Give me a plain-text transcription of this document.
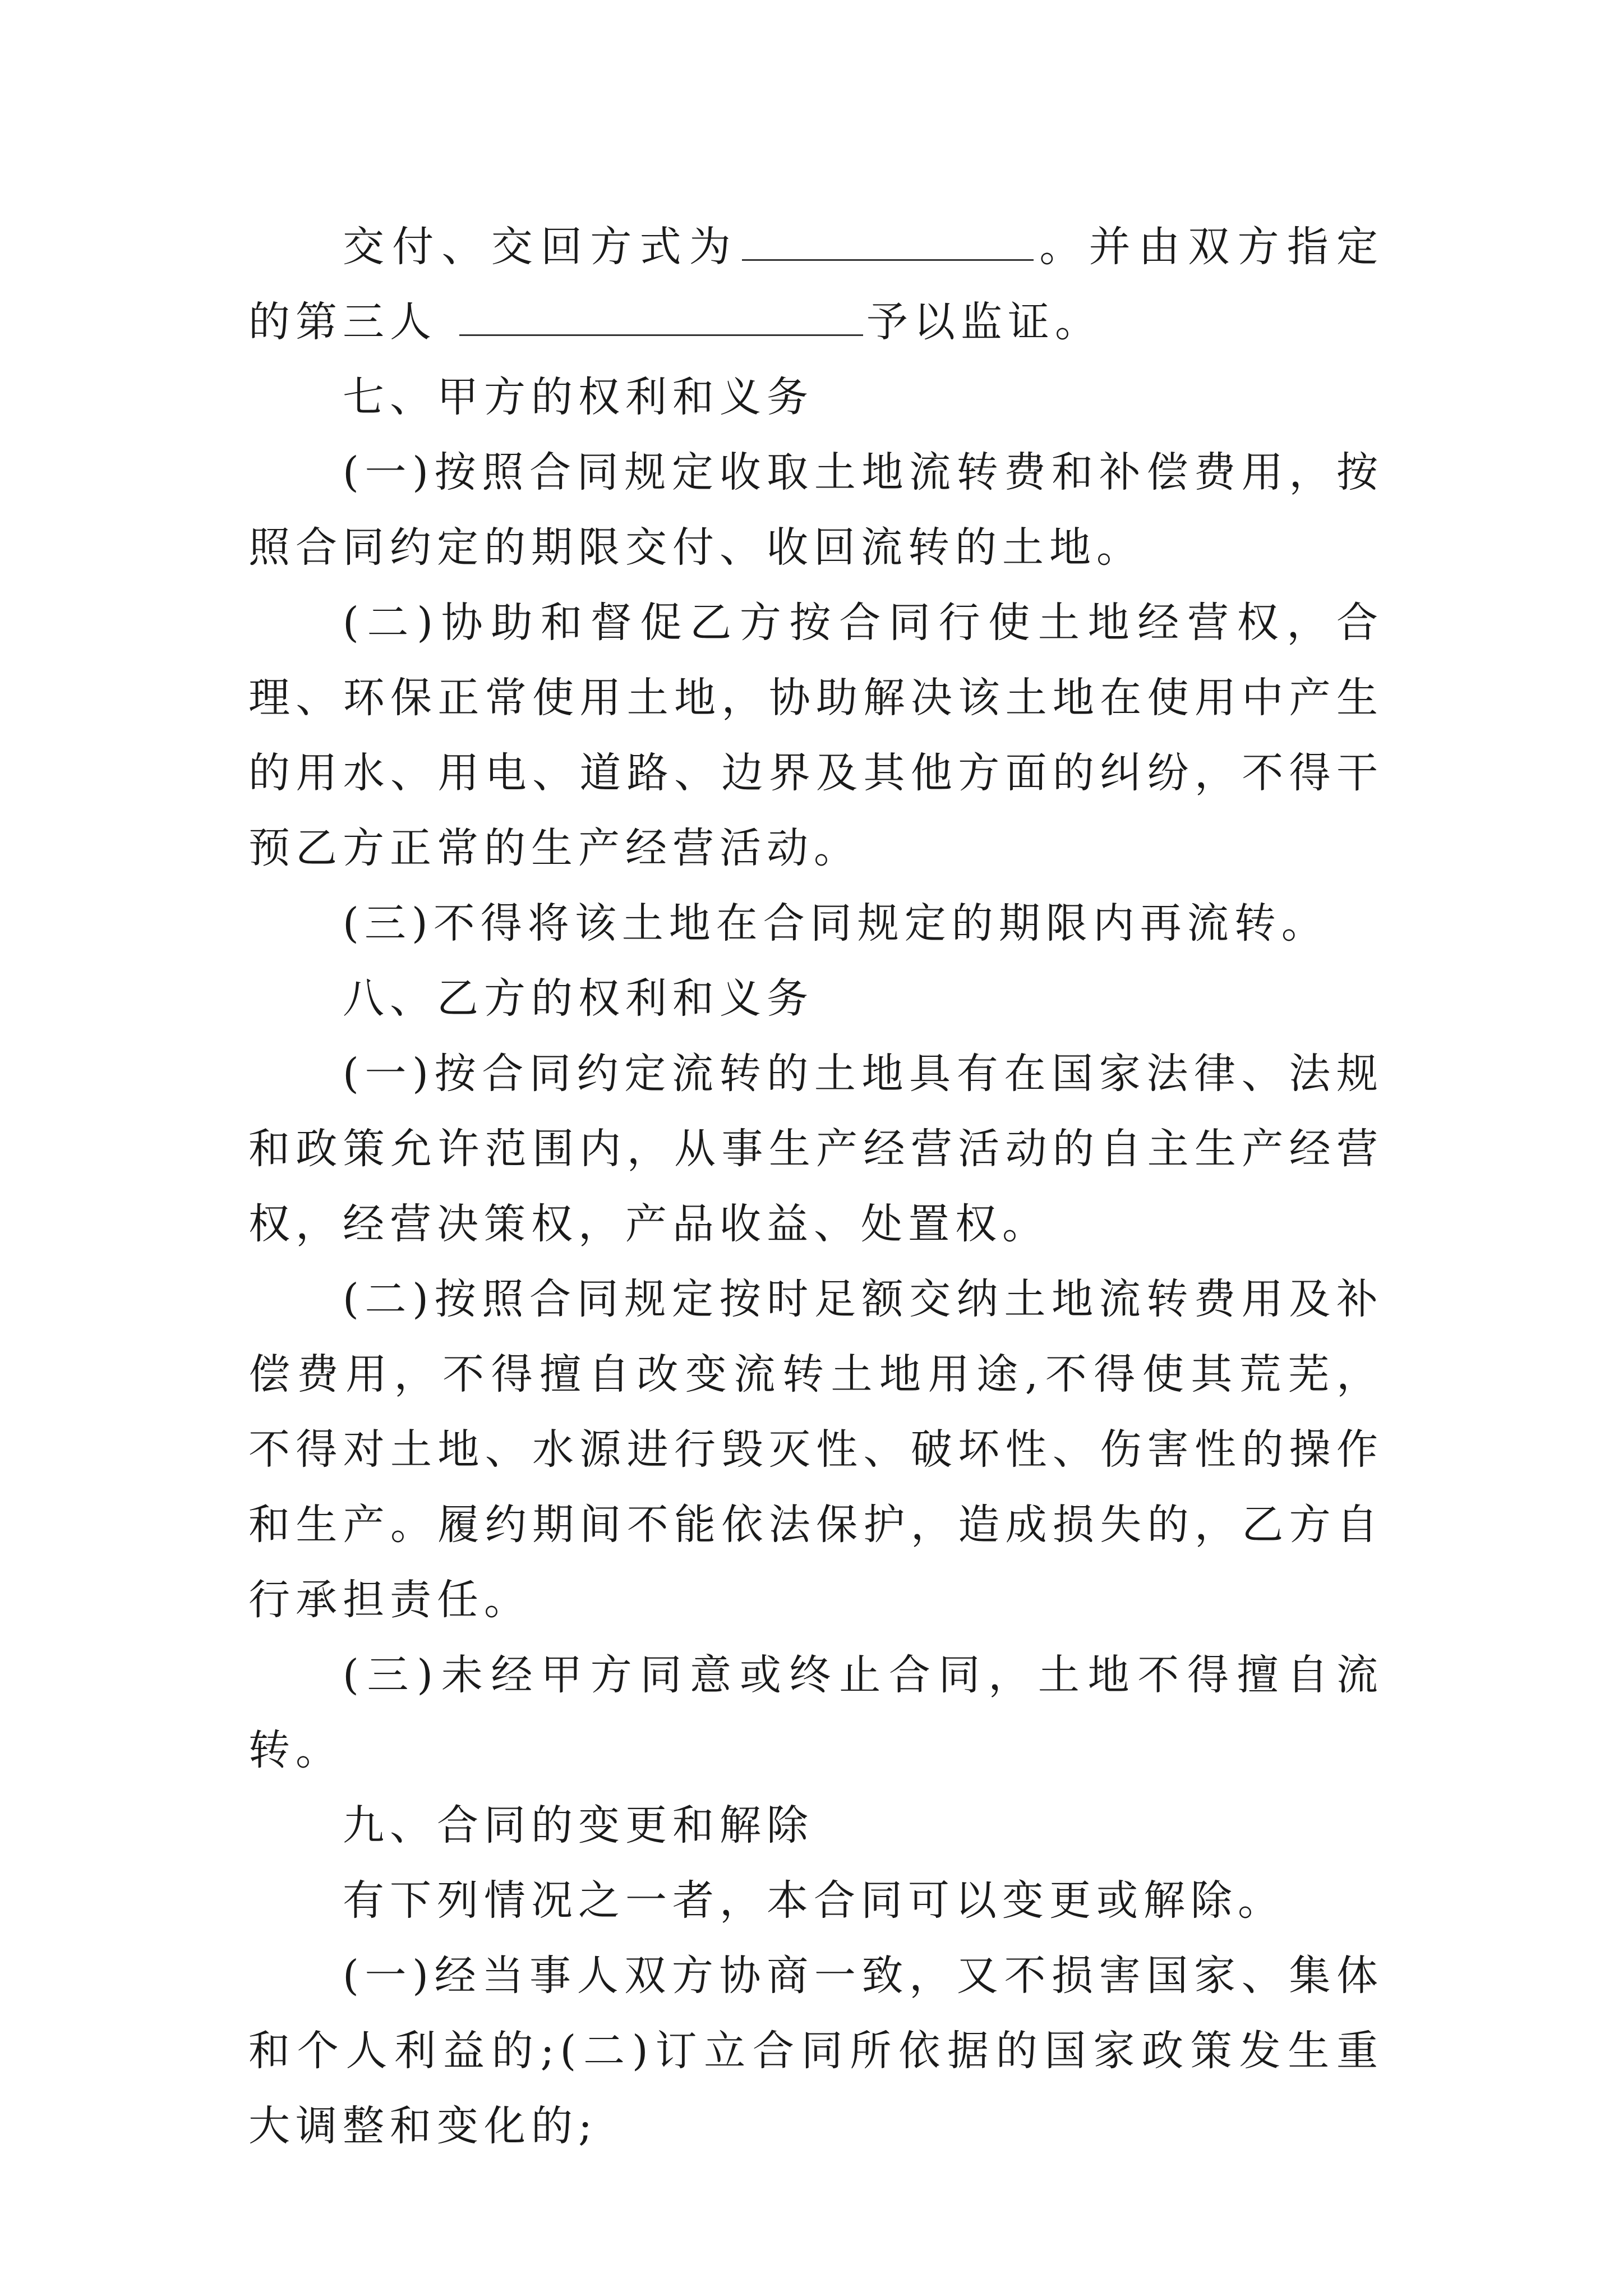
交付、交回方式为	。并由双方指定的第三人	予以监证。

七、甲方的权利和义务

(一)按照合同规定收取土地流转费和补偿费用，按照合同约定的期限交付、收回流转的土地。

(二)协助和督促乙方按合同行使土地经营权，合理、环保正常使用土地，协助解决该土地在使用中产生的用水、用电、道路、边界及其他方面的纠纷，不得干预乙方正常的生产经营活动。

(三)不得将该土地在合同规定的期限内再流转。

八、乙方的权利和义务

(一)按合同约定流转的土地具有在国家法律、法规和政策允许范围内，从事生产经营活动的自主生产经营权，经营决策权，产品收益、处置权。

(二)按照合同规定按时足额交纳土地流转费用及补偿费用，不得擅自改变流转土地用途,不得使其荒芜，不得对土地、水源进行毁灭性、破坏性、伤害性的操作和生产。履约期间不能依法保护，造成损失的，乙方自行承担责任。

(三)未经甲方同意或终止合同，土地不得擅自流转。

九、合同的变更和解除

有下列情况之一者，本合同可以变更或解除。

(一)经当事人双方协商一致，又不损害国家、集体和个人利益的;(二)订立合同所依据的国家政策发生重大调整和变化的;
